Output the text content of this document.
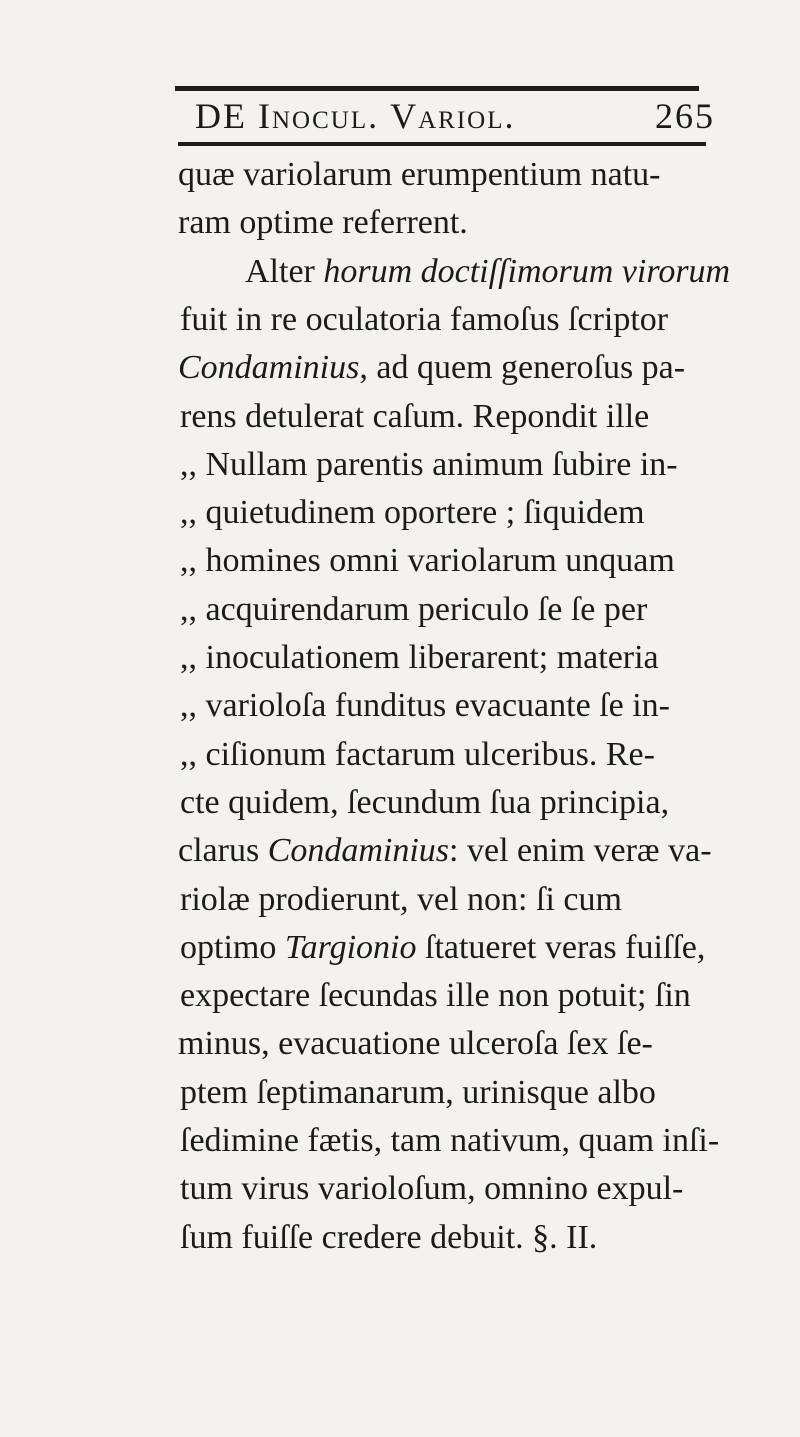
DE Inocul. Variol.	265
quæ variolarum erumpentium natu-
ram optime referrent.
Alter horum doctiſſimorum virorum
fuit in re oculatoria famoſus ſcriptor
Condaminius, ad quem generoſus pa-
rens detulerat caſum. Repondit ille
,, Nullam parentis animum ſubire in-
,, quietudinem oportere ; ſiquidem
,, homines omni variolarum unquam
,, acquirendarum periculo ſe ſe per
,, inoculationem liberarent; materia
,, varioloſa funditus evacuante ſe in-
,, ciſionum factarum ulceribus. Re-
cte quidem, ſecundum ſua principia,
clarus Condaminius: vel enim veræ va-
riolæ prodierunt, vel non: ſi cum
optimo Targionio ſtatueret veras fuiſſe,
expectare ſecundas ille non potuit; ſin
minus, evacuatione ulceroſa ſex ſe-
ptem ſeptimanarum, urinisque albo
ſedimine fætis, tam nativum, quam inſi-
tum virus varioloſum, omnino expul-
ſum fuiſſe credere debuit. §. II.
